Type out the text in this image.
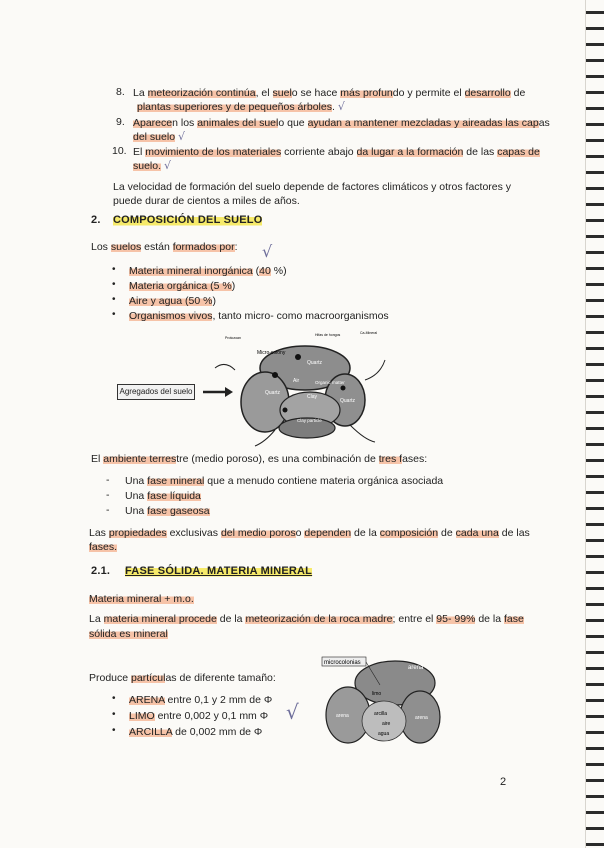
8. La meteorización continúa, el suelo se hace más profundo y permite el desarrollo de
plantas superiores y de pequeños árboles. √
9. Aparecen los animales del suelo que ayudan a mantener mezcladas y aireadas las capas
del suelo √
10. El movimiento de los materiales corriente abajo da lugar a la formación de las capas de
suelo. √
La velocidad de formación del suelo depende de factores climáticos y otros factores y
puede durar de cientos a miles de años.
2. COMPOSICIÓN DEL SUELO
Los suelos están formados por: √
• Materia mineral inorgánica (40 %)
• Materia orgánica (5 %)
• Aire y agua (50 %)
• Organismos vivos, tanto micro- como macroorganismos
Agregados del suelo
Micro-colony
Quartz
Air	Organic matter
Clay
Quartz
Quartz
Clay particle
Protozoan
Hifas de hongos	Ca-Mineral
El ambiente terrestre (medio poroso), es una combinación de tres fases:
- Una fase mineral que a menudo contiene materia orgánica asociada
- Una fase líquida
- Una fase gaseosa
Las propiedades exclusivas del medio poroso dependen de la composición de cada una de las
fases.
2.1. FASE SÓLIDA. MATERIA MINERAL
Materia mineral + m.o.
La materia mineral procede de la meteorización de la roca madre; entre el 95- 99% de la fase
sólida es mineral
Produce partículas de diferente tamaño:
• ARENA entre 0,1 y 2 mm de Φ
• LIMO entre 0,002 y 0,1 mm Φ
• ARCILLA de 0,002 mm de Φ
√
microcolonias
arena
limo
arena	arcilla
aire
arena
agua
2
